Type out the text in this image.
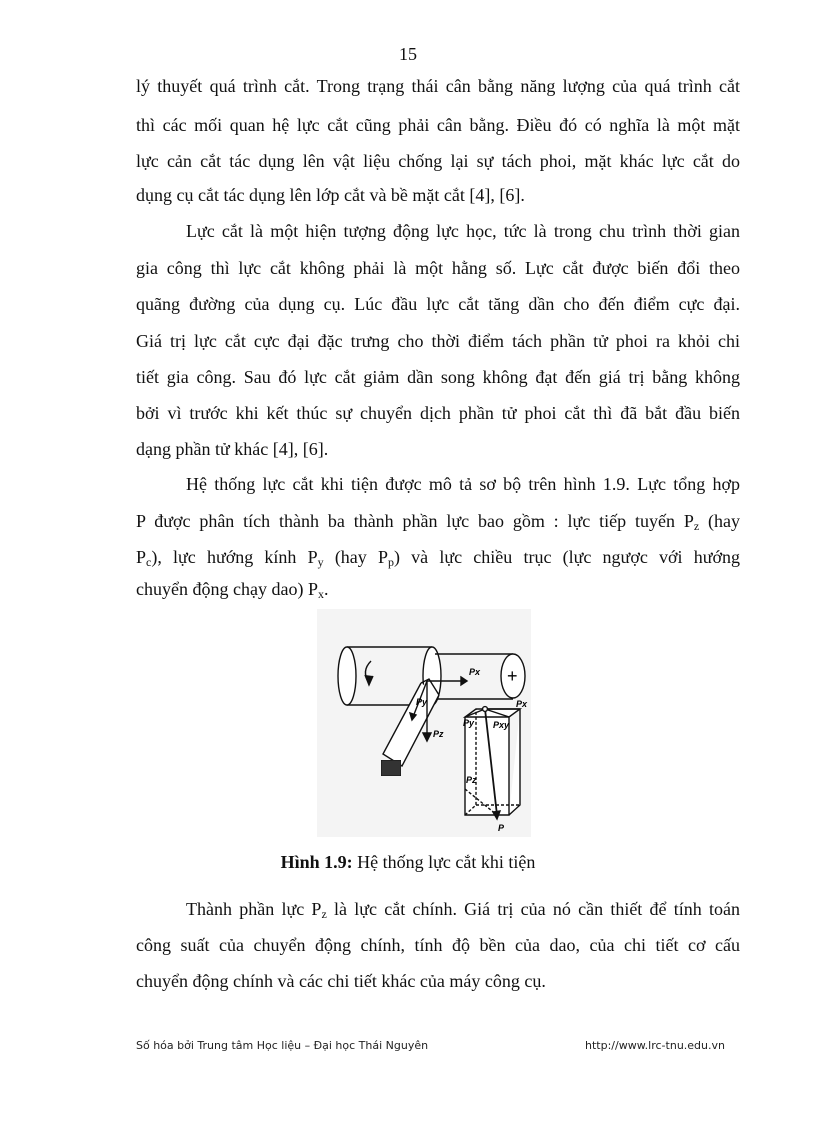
15
lý thuyết quá trình cắt. Trong trạng thái cân bằng năng lượng của quá trình cắt
thì các mối quan hệ lực cắt cũng phải cân bằng. Điều đó có nghĩa là một mặt
lực cản cắt tác dụng lên vật liệu chống lại sự tách phoi, mặt khác lực cắt do
dụng cụ cắt tác dụng lên lớp cắt và bề mặt cắt [4], [6].
Lực cắt là một hiện tượng động lực học, tức là trong chu trình thời gian
gia công thì lực cắt không phải là một hằng số. Lực cắt được biến đổi theo
quãng đường của dụng cụ. Lúc đầu lực cắt tăng dần cho đến điểm cực đại.
Giá trị lực cắt cực đại đặc trưng cho thời điểm tách phần tử phoi ra khỏi chi
tiết gia công. Sau đó lực cắt giảm dần song không đạt đến giá trị bằng không
bởi vì trước khi kết thúc sự chuyển dịch phần tử phoi cắt thì đã bắt đầu biến
dạng phần tử khác [4], [6].
Hệ thống lực cắt khi tiện được mô tả sơ bộ trên hình 1.9. Lực tổng hợp
P được phân tích thành ba thành phần lực bao gồm : lực tiếp tuyến $P_z$ (hay
$P_c$), lực hướng kính $P_y$ (hay $P_p$) và lực chiều trục (lực ngược với hướng
chuyển động chạy dao) $P_x$.
Px
Py
Pz
Pz
Pxy
Px
Py
P
+
Hình 1.9: Hệ thống lực cắt khi tiện
Thành phần lực $P_z$ là lực cắt chính. Giá trị của nó cần thiết để tính toán
công suất của chuyển động chính, tính độ bền của dao, của chi tiết cơ cấu
chuyển động chính và các chi tiết khác của máy công cụ.
Số hóa bởi Trung tâm Học liệu – Đại học Thái Nguyên	http://www.lrc-tnu.edu.vn
